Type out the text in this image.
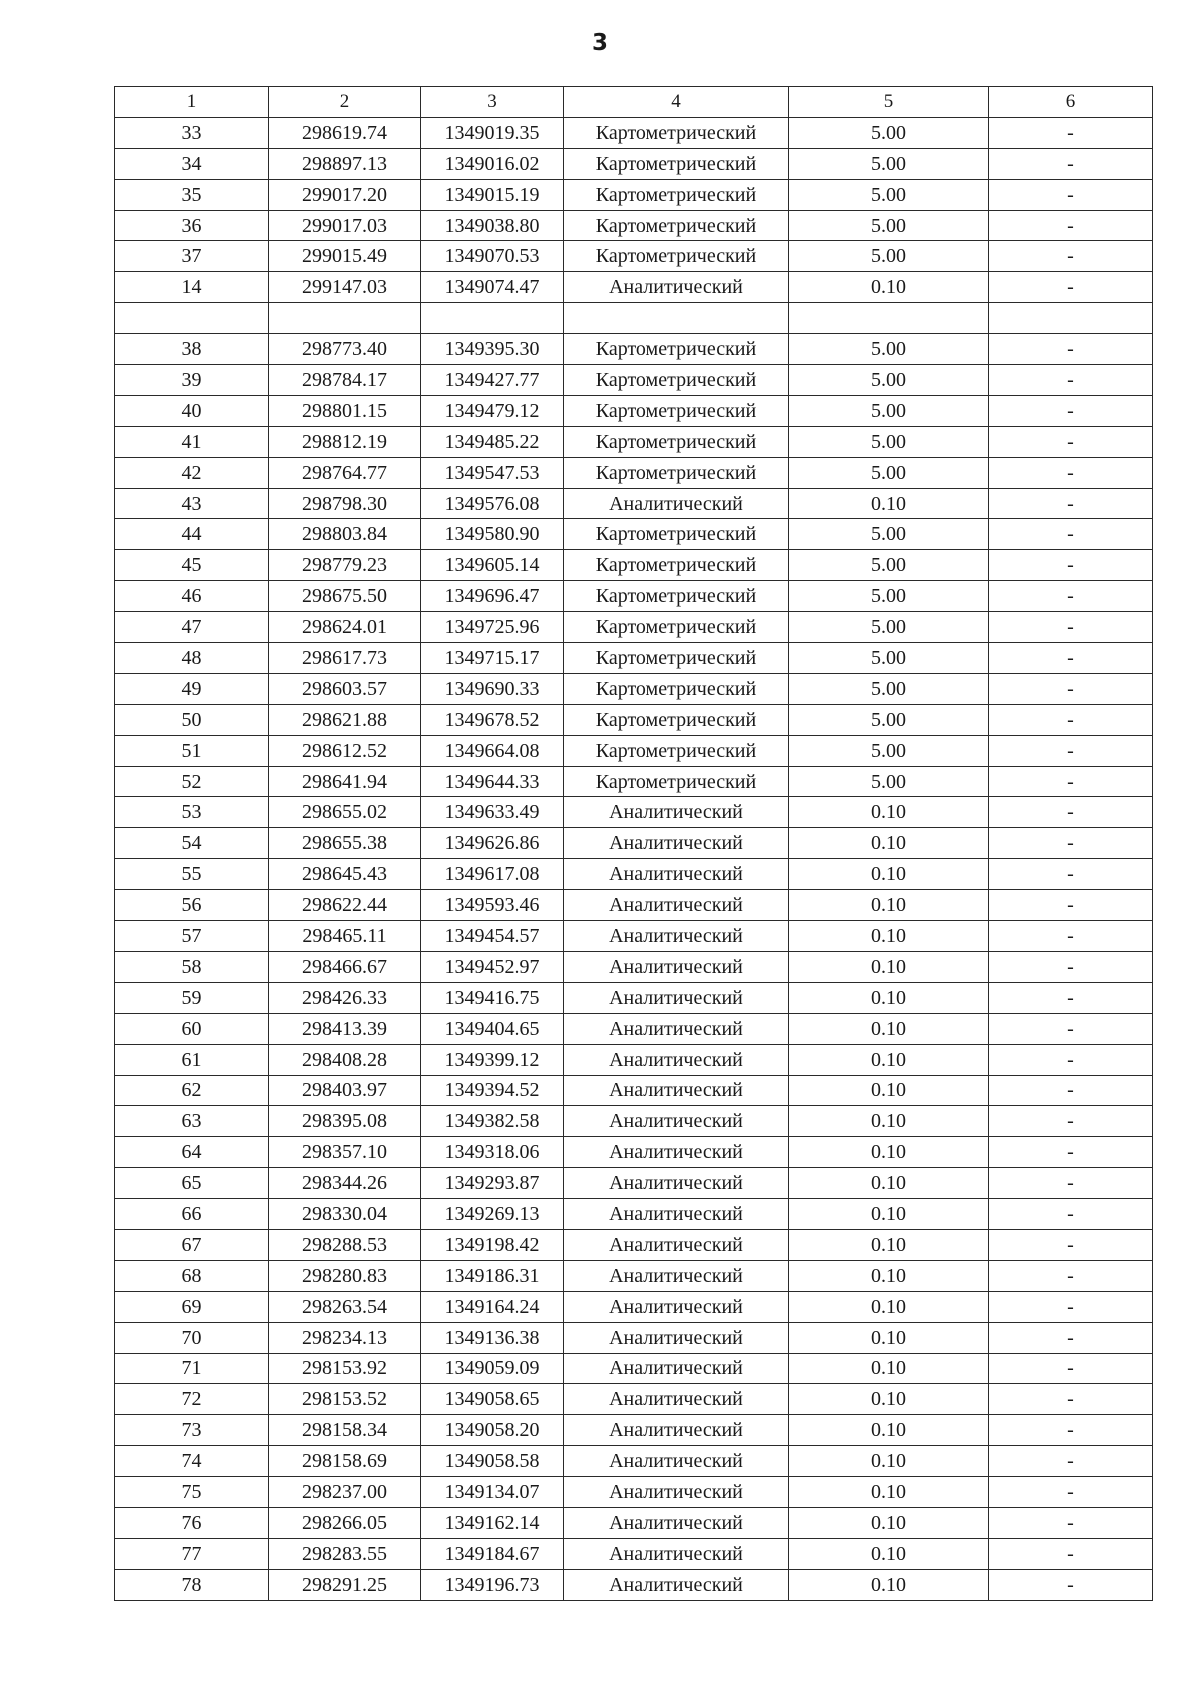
3
1	2	3	4	5	6
33	298619.74	1349019.35	Картометрический	5.00	-
34	298897.13	1349016.02	Картометрический	5.00	-
35	299017.20	1349015.19	Картометрический	5.00	-
36	299017.03	1349038.80	Картометрический	5.00	-
37	299015.49	1349070.53	Картометрический	5.00	-
14	299147.03	1349074.47	Аналитический	0.10	-

38	298773.40	1349395.30	Картометрический	5.00	-
39	298784.17	1349427.77	Картометрический	5.00	-
40	298801.15	1349479.12	Картометрический	5.00	-
41	298812.19	1349485.22	Картометрический	5.00	-
42	298764.77	1349547.53	Картометрический	5.00	-
43	298798.30	1349576.08	Аналитический	0.10	-
44	298803.84	1349580.90	Картометрический	5.00	-
45	298779.23	1349605.14	Картометрический	5.00	-
46	298675.50	1349696.47	Картометрический	5.00	-
47	298624.01	1349725.96	Картометрический	5.00	-
48	298617.73	1349715.17	Картометрический	5.00	-
49	298603.57	1349690.33	Картометрический	5.00	-
50	298621.88	1349678.52	Картометрический	5.00	-
51	298612.52	1349664.08	Картометрический	5.00	-
52	298641.94	1349644.33	Картометрический	5.00	-
53	298655.02	1349633.49	Аналитический	0.10	-
54	298655.38	1349626.86	Аналитический	0.10	-
55	298645.43	1349617.08	Аналитический	0.10	-
56	298622.44	1349593.46	Аналитический	0.10	-
57	298465.11	1349454.57	Аналитический	0.10	-
58	298466.67	1349452.97	Аналитический	0.10	-
59	298426.33	1349416.75	Аналитический	0.10	-
60	298413.39	1349404.65	Аналитический	0.10	-
61	298408.28	1349399.12	Аналитический	0.10	-
62	298403.97	1349394.52	Аналитический	0.10	-
63	298395.08	1349382.58	Аналитический	0.10	-
64	298357.10	1349318.06	Аналитический	0.10	-
65	298344.26	1349293.87	Аналитический	0.10	-
66	298330.04	1349269.13	Аналитический	0.10	-
67	298288.53	1349198.42	Аналитический	0.10	-
68	298280.83	1349186.31	Аналитический	0.10	-
69	298263.54	1349164.24	Аналитический	0.10	-
70	298234.13	1349136.38	Аналитический	0.10	-
71	298153.92	1349059.09	Аналитический	0.10	-
72	298153.52	1349058.65	Аналитический	0.10	-
73	298158.34	1349058.20	Аналитический	0.10	-
74	298158.69	1349058.58	Аналитический	0.10	-
75	298237.00	1349134.07	Аналитический	0.10	-
76	298266.05	1349162.14	Аналитический	0.10	-
77	298283.55	1349184.67	Аналитический	0.10	-
78	298291.25	1349196.73	Аналитический	0.10	-
